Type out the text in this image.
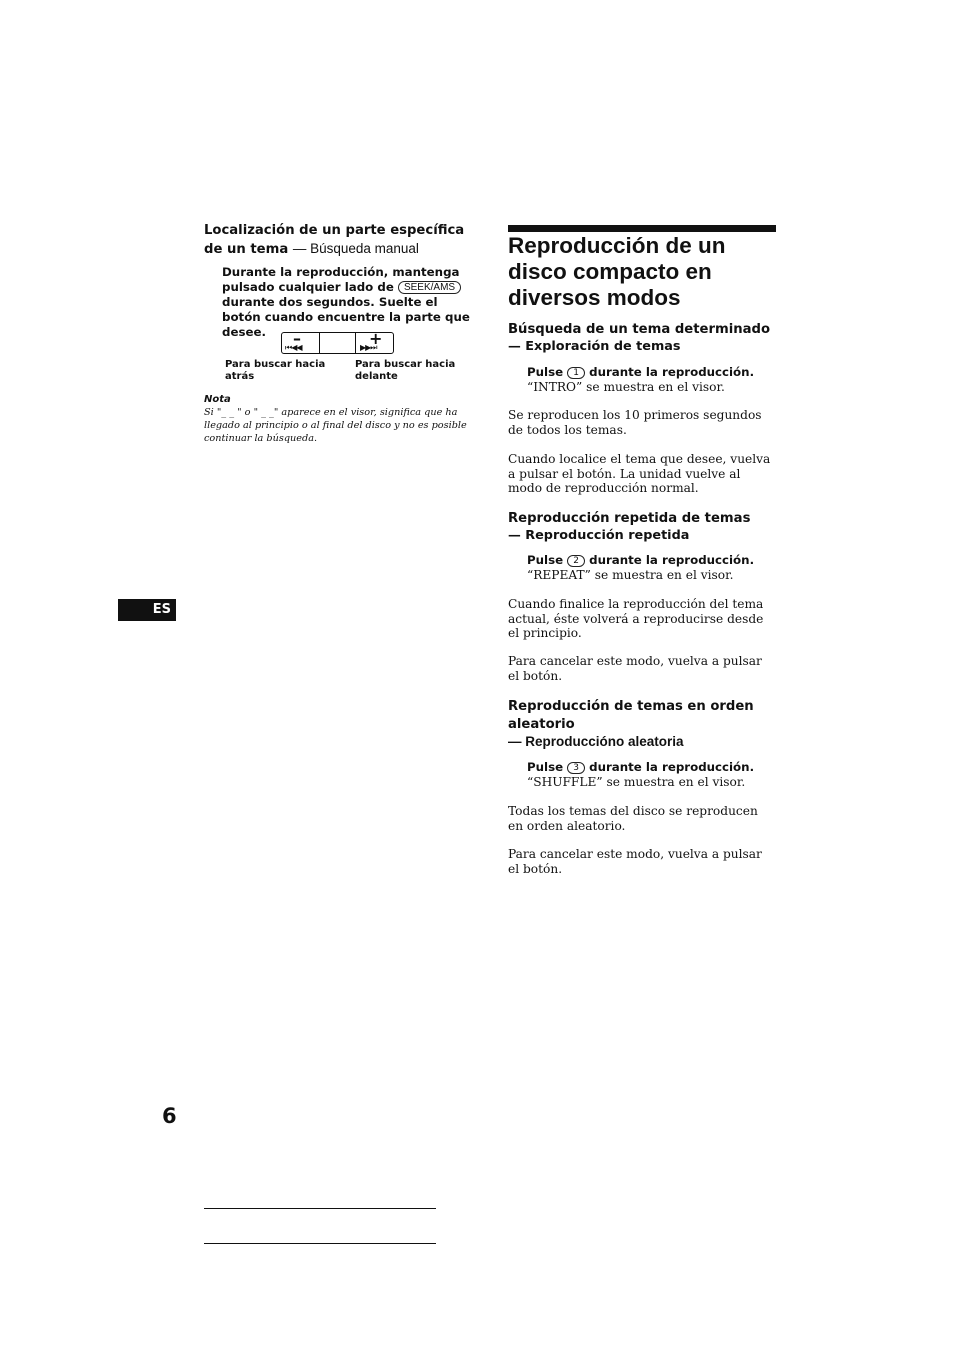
Localización de un parte específica de un tema — Búsqueda manual
Durante la reproducción, mantenga pulsado cualquier lado de SEEK/AMS durante dos segundos. Suelte el botón cuando encuentre la parte que desee.	–	+
⏮◀◀	▶▶⏭
Para buscar hacia atrás
Para buscar hacia delante
Nota
Si "_ _ " o " _ _" aparece en el visor, significa que ha llegado al principio o al final del disco y no es posible continuar la búsqueda.
ES
6
Reproducción de un disco compacto en diversos modos
Búsqueda de un tema determinado
— Exploración de temas
Pulse 1 durante la reproducción.
“INTRO” se muestra en el visor.
Se reproducen los 10 primeros segundos de todos los temas.
Cuando localice el tema que desee, vuelva a pulsar el botón. La unidad vuelve al modo de reproducción normal.
Reproducción repetida de temas
— Reproducción repetida
Pulse 2 durante la reproducción.
“REPEAT” se muestra en el visor.
Cuando finalice la reproducción del tema actual, éste volverá a reproducirse desde el principio.
Para cancelar este modo, vuelva a pulsar el botón.
Reproducción de temas en orden aleatorio
— Reproduccióno aleatoria
Pulse 3 durante la reproducción.
“SHUFFLE” se muestra en el visor.
Todas los temas del disco se reproducen en orden aleatorio.
Para cancelar este modo, vuelva a pulsar el botón.
